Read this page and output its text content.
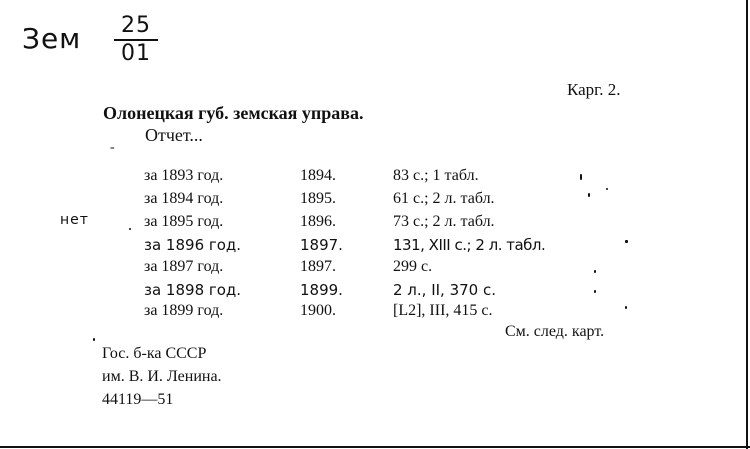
Зем	25
01
Карг. 2.
Олонецкая губ. земская управа.
Отчет...
-
нет
за 1893 год.	1894.	83 с.; 1 табл.
за 1894 год.	1895.	61 с.; 2 л. табл.
за 1895 год.	1896.	73 с.; 2 л. табл.
за 1896 год.	1897.	131, XIII с.; 2 л. табл.
за 1897 год.	1897.	299 с.
за 1898 год.	1899.	2 л., II, 370 с.
за 1899 год.	1900.	[L2], III, 415 с.
См. след. карт.
Гос. б-ка СССР
им. В. И. Ленина.
44119—51
